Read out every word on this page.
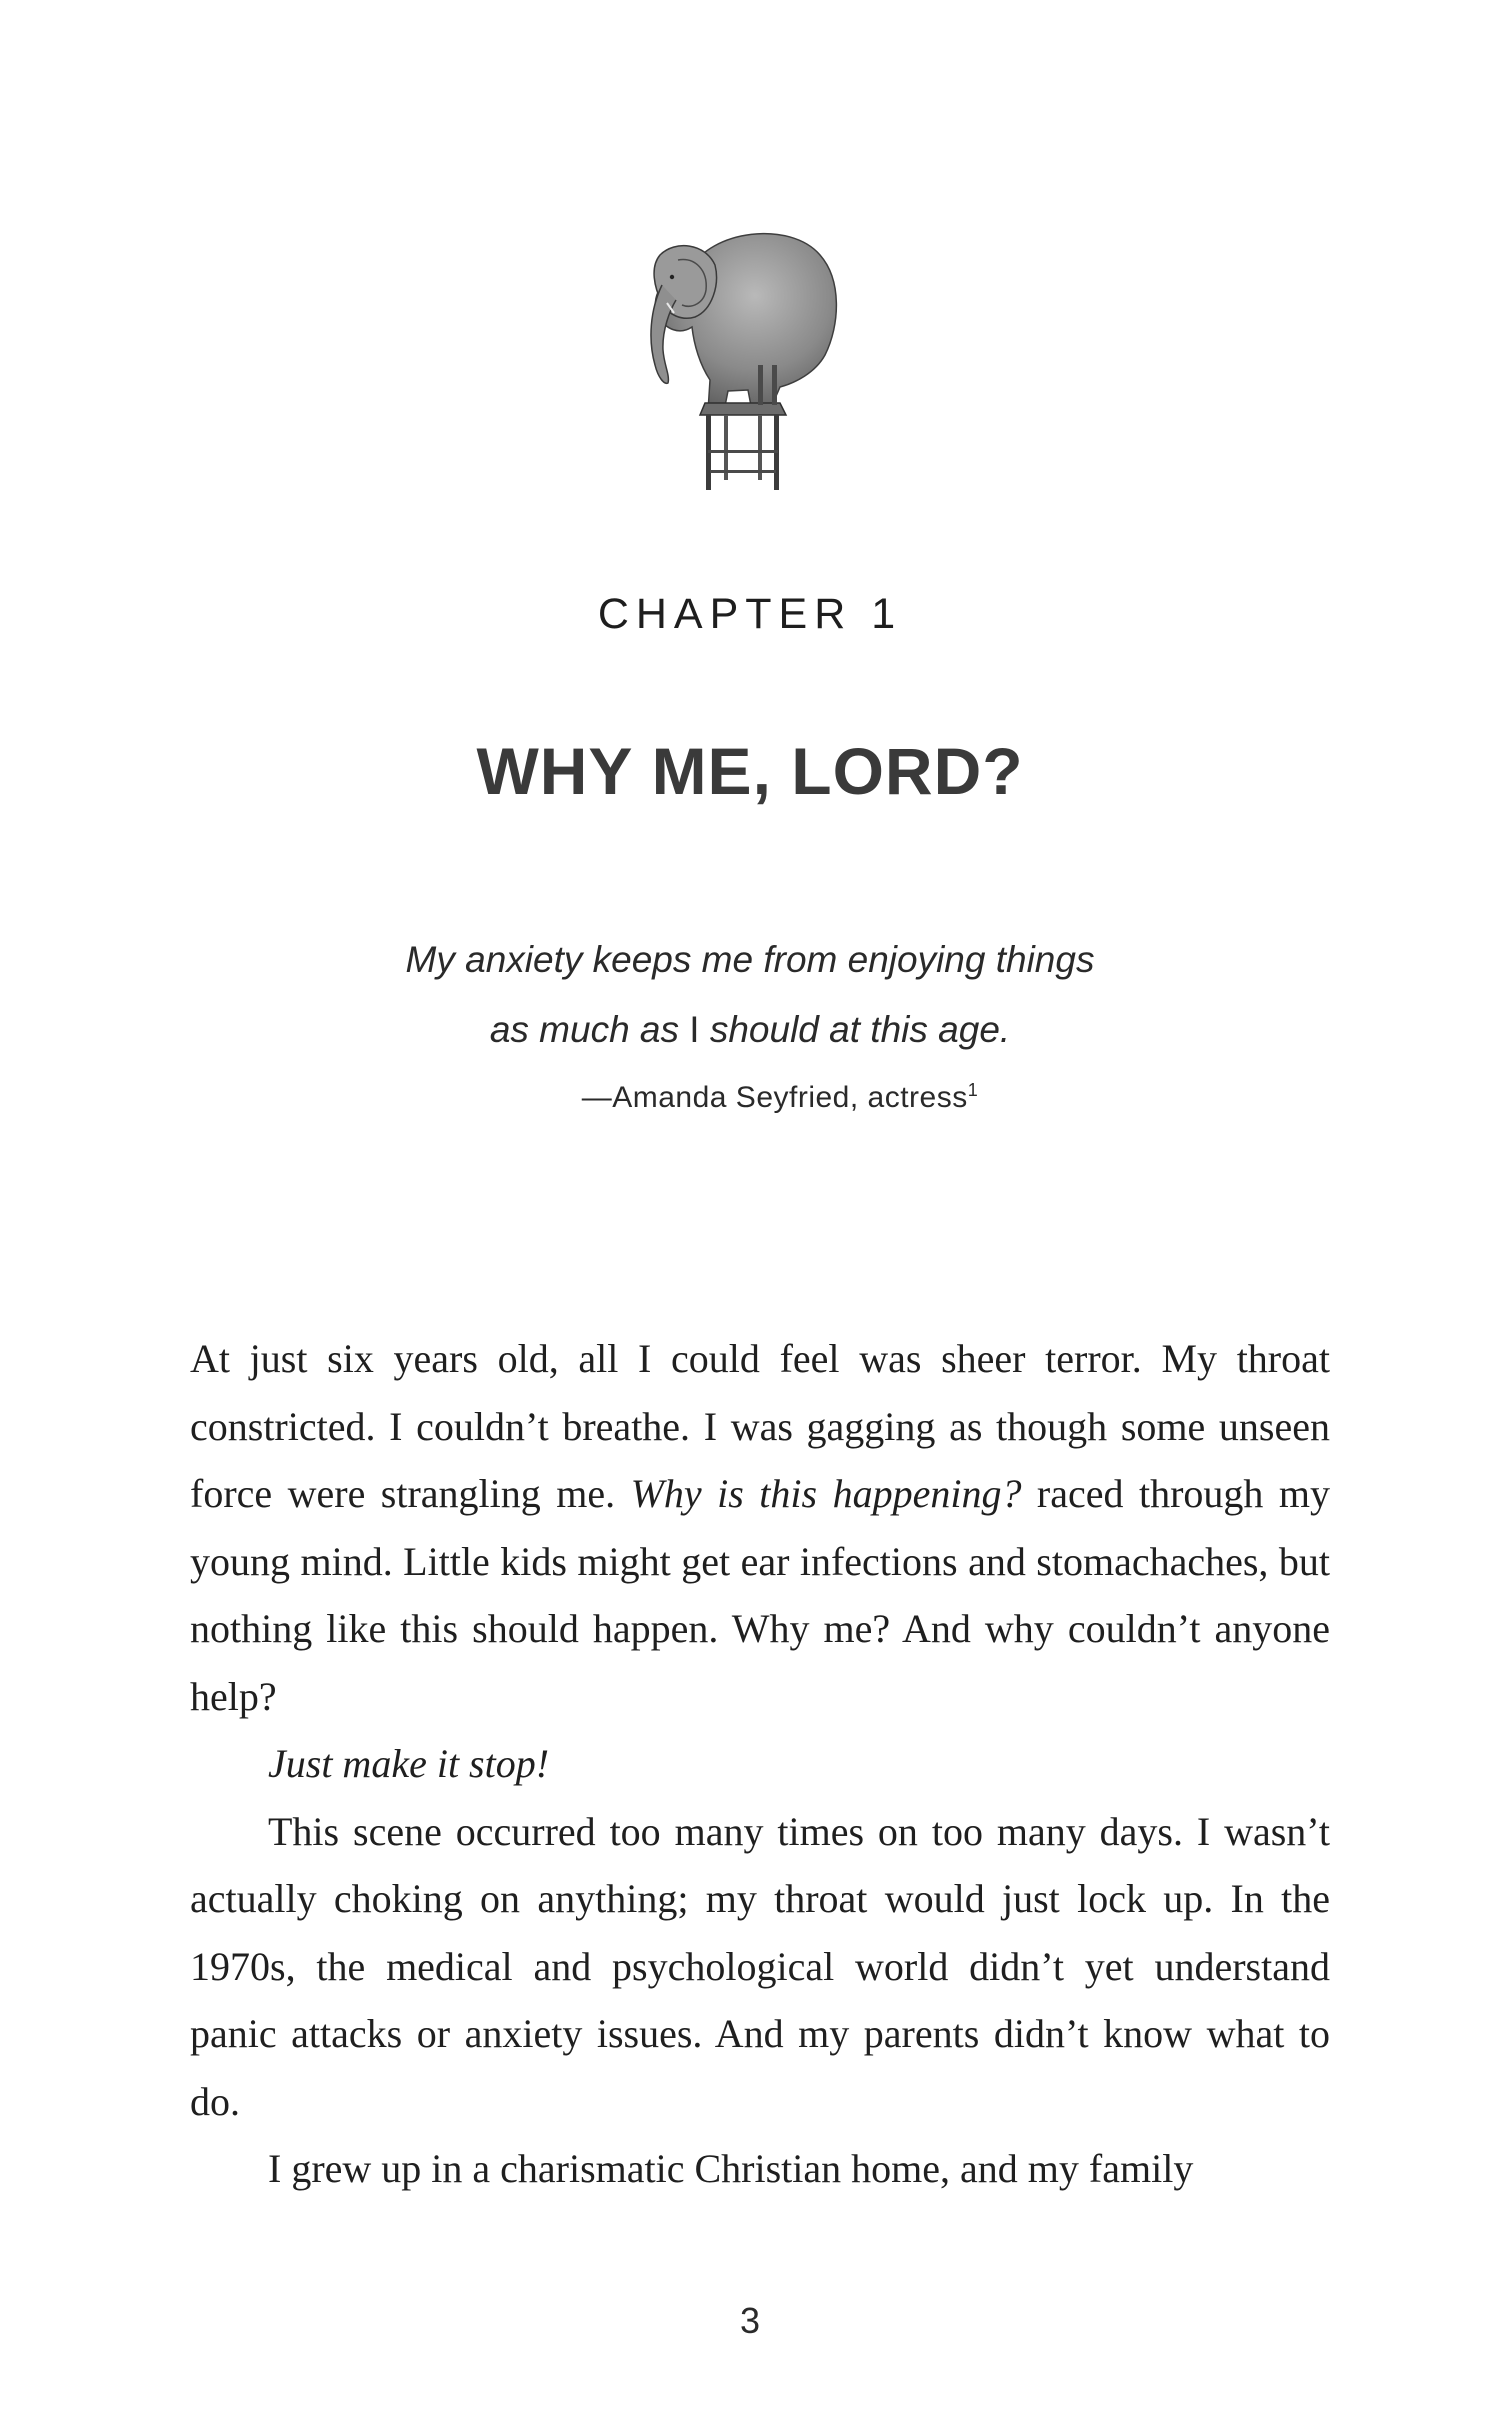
CHAPTER 1
WHY ME, LORD?
My anxiety keeps me from enjoying things
as much as I should at this age.
—Amanda Seyfried, actress$^1$

At just six years old, all I could feel was sheer terror. My throat constricted. I couldn’t breathe. I was gagging as though some unseen force were strangling me. Why is this happening? raced through my young mind. Little kids might get ear infections and stomachaches, but nothing like this should happen. Why me? And why couldn’t anyone help?

Just make it stop!

This scene occurred too many times on too many days. I wasn’t actually choking on anything; my throat would just lock up. In the 1970s, the medical and psychological world didn’t yet understand panic attacks or anxiety issues. And my parents didn’t know what to do.

I grew up in a charismatic Christian home, and my family

3
